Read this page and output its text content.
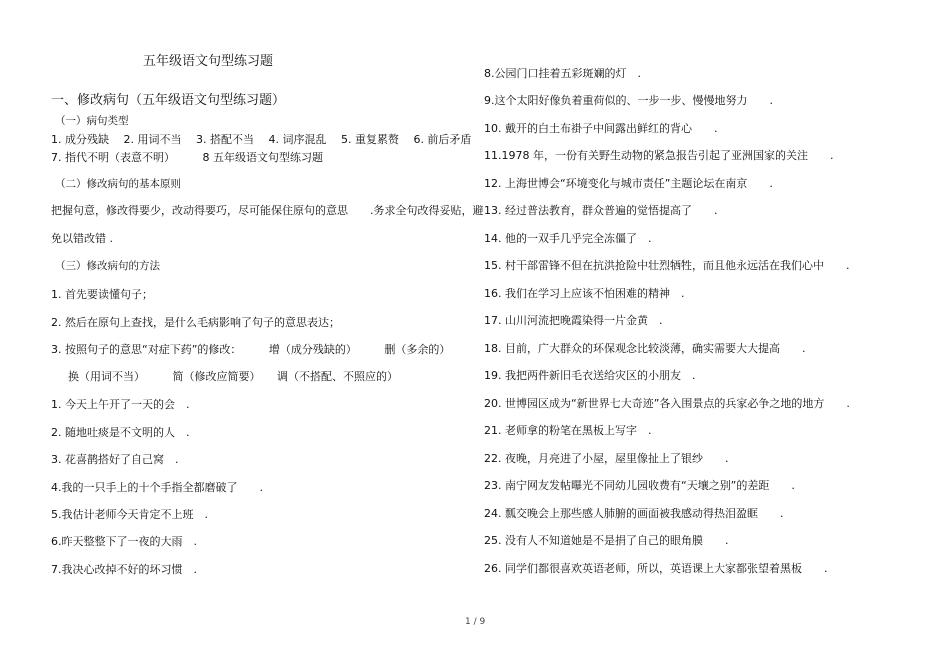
五年级语文句型练习题
一、修改病句（五年级语文句型练习题）
（一）病句类型
1. 成分残缺　 2. 用词不当　 3. 搭配不当　 4. 词序混乱　 5. 重复累赘　 6. 前后矛盾
7. 指代不明（表意不明）　　　8 五年级语文句型练习题
（二）修改病句的基本原则
把握句意，修改得要少，改动得要巧，尽可能保住原句的意思　　.务求全句改得妥贴，避
免以错改错 .
（三）修改病句的方法
1. 首先要读懂句子；
2. 然后在原句上查找，是什么毛病影响了句子的意思表达；
3. 按照句子的意思“对症下药”的修改：　　　增（成分残缺的）　　　删（多余的）
换（用词不当）　　　简（修改应简要）　　调（不搭配、不照应的）
1. 今天上午开了一天的会　.
2. 随地吐痰是不文明的人　.
3. 花喜鹊搭好了自己窝　.
4.我的一只手上的十个手指全都磨破了　　.
5.我估计老师今天肯定不上班　.
6.昨天整整下了一夜的大雨　.
7.我决心改掉不好的坏习惯　.
8.公园门口挂着五彩斑斓的灯　.
9.这个太阳好像负着重荷似的、一步一步、慢慢地努力　　.
10. 戴开的白土布褂子中间露出鲜红的背心　　.
11.1978 年，一份有关野生动物的紧急报告引起了亚洲国家的关注　　.
12. 上海世博会“环境变化与城市责任”主题论坛在南京　　.
13. 经过普法教育，群众普遍的觉悟提高了　　.
14. 他的一双手几乎完全冻僵了　.
15. 村干部雷锋不但在抗洪抢险中壮烈牺牲，而且他永远活在我们心中　　.
16. 我们在学习上应该不怕困难的精神　.
17. 山川河流把晚霞染得一片金黄　.
18. 目前，广大群众的环保观念比较淡薄，确实需要大大提高　　.
19. 我把两件新旧毛衣送给灾区的小朋友　.
20. 世博园区成为“新世界七大奇迹”各入围景点的兵家必争之地的地方　　.
21. 老师拿的粉笔在黑板上写字　.
22. 夜晚，月亮进了小屋，屋里像扯上了银纱　　.
23. 南宁网友发帖曝光不同幼儿园收费有“天壤之别”的差距　　.
24. 瓢交晚会上那些感人肺腑的画面被我感动得热泪盈眶　　.
25. 没有人不知道她是不是捐了自己的眼角膜　　.
26. 同学们都很喜欢英语老师，所以，英语课上大家都张望着黑板　　.
1 / 9
